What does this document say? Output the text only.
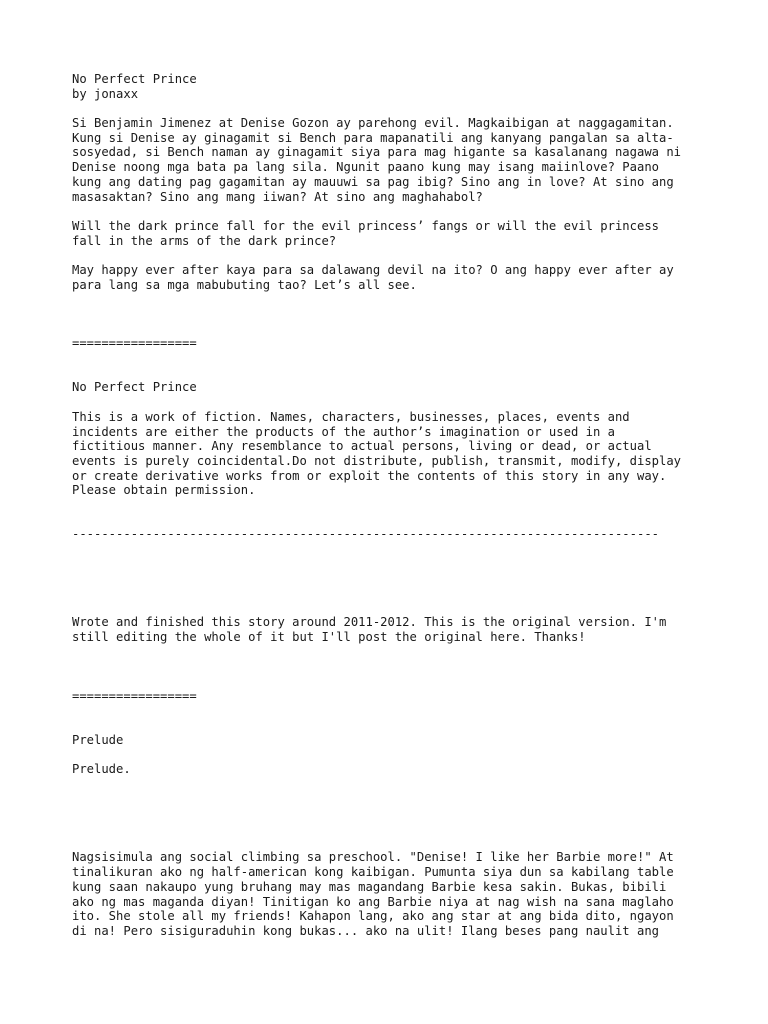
No Perfect Prince
by jonaxx
Si Benjamin Jimenez at Denise Gozon ay parehong evil. Magkaibigan at naggagamitan.
Kung si Denise ay ginagamit si Bench para mapanatili ang kanyang pangalan sa alta-
sosyedad, si Bench naman ay ginagamit siya para mag higante sa kasalanang nagawa ni
Denise noong mga bata pa lang sila. Ngunit paano kung may isang maiinlove? Paano
kung ang dating pag gagamitan ay mauuwi sa pag ibig? Sino ang in love? At sino ang
masasaktan? Sino ang mang iiwan? At sino ang maghahabol?
Will the dark prince fall for the evil princess’ fangs or will the evil princess
fall in the arms of the dark prince?
May happy ever after kaya para sa dalawang devil na ito? O ang happy ever after ay
para lang sa mga mabubuting tao? Let’s all see.
=================
No Perfect Prince
This is a work of fiction. Names, characters, businesses, places, events and
incidents are either the products of the author’s imagination or used in a
fictitious manner. Any resemblance to actual persons, living or dead, or actual
events is purely coincidental.Do not distribute, publish, transmit, modify, display
or create derivative works from or exploit the contents of this story in any way.
Please obtain permission.
--------------------------------------------------------------------------------
Wrote and finished this story around 2011-2012. This is the original version. I'm
still editing the whole of it but I'll post the original here. Thanks!
=================
Prelude
Prelude.
Nagsisimula ang social climbing sa preschool. "Denise! I like her Barbie more!" At
tinalikuran ako ng half-american kong kaibigan. Pumunta siya dun sa kabilang table
kung saan nakaupo yung bruhang may mas magandang Barbie kesa sakin. Bukas, bibili
ako ng mas maganda diyan! Tinitigan ko ang Barbie niya at nag wish na sana maglaho
ito. She stole all my friends! Kahapon lang, ako ang star at ang bida dito, ngayon
di na! Pero sisiguraduhin kong bukas... ako na ulit! Ilang beses pang naulit ang
